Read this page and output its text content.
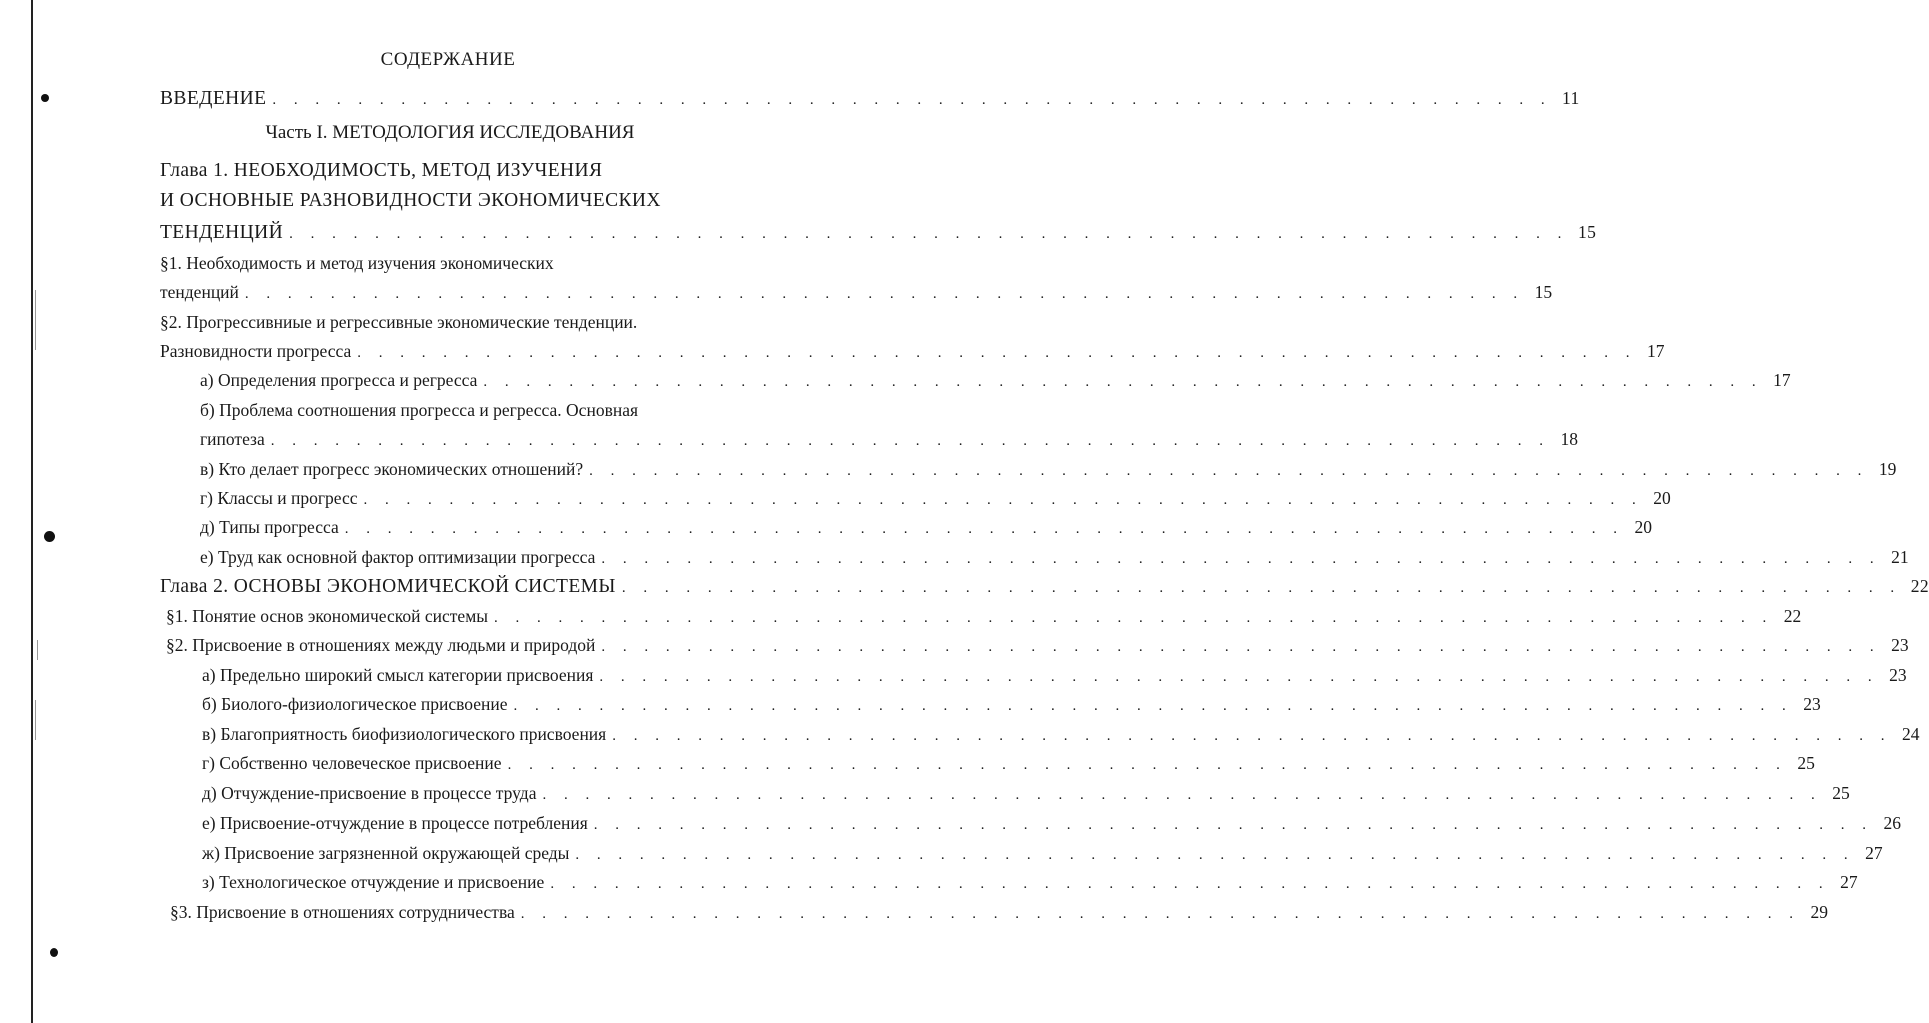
СОДЕРЖАНИЕ
ВВЕДЕНИЕ . . . . . . . . . . . . . . . . . . . . . . . . . . . . . . . . . . . . . . . . . . . . . . . . . . . . . . . . . . . . 11
Часть I. МЕТОДОЛОГИЯ ИССЛЕДОВАНИЯ
Глава 1. НЕОБХОДИМОСТЬ, МЕТОД ИЗУЧЕНИЯ
И ОСНОВНЫЕ РАЗНОВИДНОСТИ ЭКОНОМИЧЕСКИХ
ТЕНДЕНЦИЙ . . . . . . . . . . . . . . . . . . . . . . . . . . . . . . . . . . . . . . . . . . . . . . . . . . . . . . . . . . . . 15
§1. Необходимость и метод изучения экономических
тенденций . . . . . . . . . . . . . . . . . . . . . . . . . . . . . . . . . . . . . . . . . . . . . . . . . . . . . . . . . . . . 15
§2. Прогрессивниые и регрессивные экономические тенденции.
Разновидности прогресса . . . . . . . . . . . . . . . . . . . . . . . . . . . . . . . . . . . . . . . . . . . . . . . . . . . . . . . . . . . . 17
а) Определения прогресса и регресса . . . . . . . . . . . . . . . . . . . . . . . . . . . . . . . . . . . . . . . . . . . . . . . . . . . . . . . . . . . . 17
б) Проблема соотношения прогресса и регресса. Основная
гипотеза . . . . . . . . . . . . . . . . . . . . . . . . . . . . . . . . . . . . . . . . . . . . . . . . . . . . . . . . . . . . 18
в) Кто делает прогресс экономических отношений? . . . . . . . . . . . . . . . . . . . . . . . . . . . . . . . . . . . . . . . . . . . . . . . . . . . . . . . . . . . . 19
г) Классы и прогресс . . . . . . . . . . . . . . . . . . . . . . . . . . . . . . . . . . . . . . . . . . . . . . . . . . . . . . . . . . . . 20
д) Типы прогресса . . . . . . . . . . . . . . . . . . . . . . . . . . . . . . . . . . . . . . . . . . . . . . . . . . . . . . . . . . . . 20
е) Труд как основной фактор оптимизации прогресса . . . . . . . . . . . . . . . . . . . . . . . . . . . . . . . . . . . . . . . . . . . . . . . . . . . . . . . . . . . . 21
Глава 2. ОСНОВЫ ЭКОНОМИЧЕСКОЙ СИСТЕМЫ . . . . . . . . . . . . . . . . . . . . . . . . . . . . . . . . . . . . . . . . . . . . . . . . . . . . . . . . . . . . 22
§1. Понятие основ экономической системы . . . . . . . . . . . . . . . . . . . . . . . . . . . . . . . . . . . . . . . . . . . . . . . . . . . . . . . . . . . . 22
§2. Присвоение в отношениях между людьми и природой . . . . . . . . . . . . . . . . . . . . . . . . . . . . . . . . . . . . . . . . . . . . . . . . . . . . . . . . . . . . 23
а) Предельно широкий смысл категории присвоения . . . . . . . . . . . . . . . . . . . . . . . . . . . . . . . . . . . . . . . . . . . . . . . . . . . . . . . . . . . . 23
б) Биолого-физиологическое присвоение . . . . . . . . . . . . . . . . . . . . . . . . . . . . . . . . . . . . . . . . . . . . . . . . . . . . . . . . . . . . 23
в) Благоприятность биофизиологического присвоения . . . . . . . . . . . . . . . . . . . . . . . . . . . . . . . . . . . . . . . . . . . . . . . . . . . . . . . . . . . . 24
г) Собственно человеческое присвоение . . . . . . . . . . . . . . . . . . . . . . . . . . . . . . . . . . . . . . . . . . . . . . . . . . . . . . . . . . . . 25
д) Отчуждение-присвоение в процессе труда . . . . . . . . . . . . . . . . . . . . . . . . . . . . . . . . . . . . . . . . . . . . . . . . . . . . . . . . . . . . 25
е) Присвоение-отчуждение в процессе потребления . . . . . . . . . . . . . . . . . . . . . . . . . . . . . . . . . . . . . . . . . . . . . . . . . . . . . . . . . . . . 26
ж) Присвоение загрязненной окружающей среды . . . . . . . . . . . . . . . . . . . . . . . . . . . . . . . . . . . . . . . . . . . . . . . . . . . . . . . . . . . . 27
з) Технологическое отчуждение и присвоение . . . . . . . . . . . . . . . . . . . . . . . . . . . . . . . . . . . . . . . . . . . . . . . . . . . . . . . . . . . . 27
§3. Присвоение в отношениях сотрудничества . . . . . . . . . . . . . . . . . . . . . . . . . . . . . . . . . . . . . . . . . . . . . . . . . . . . . . . . . . . . 29
